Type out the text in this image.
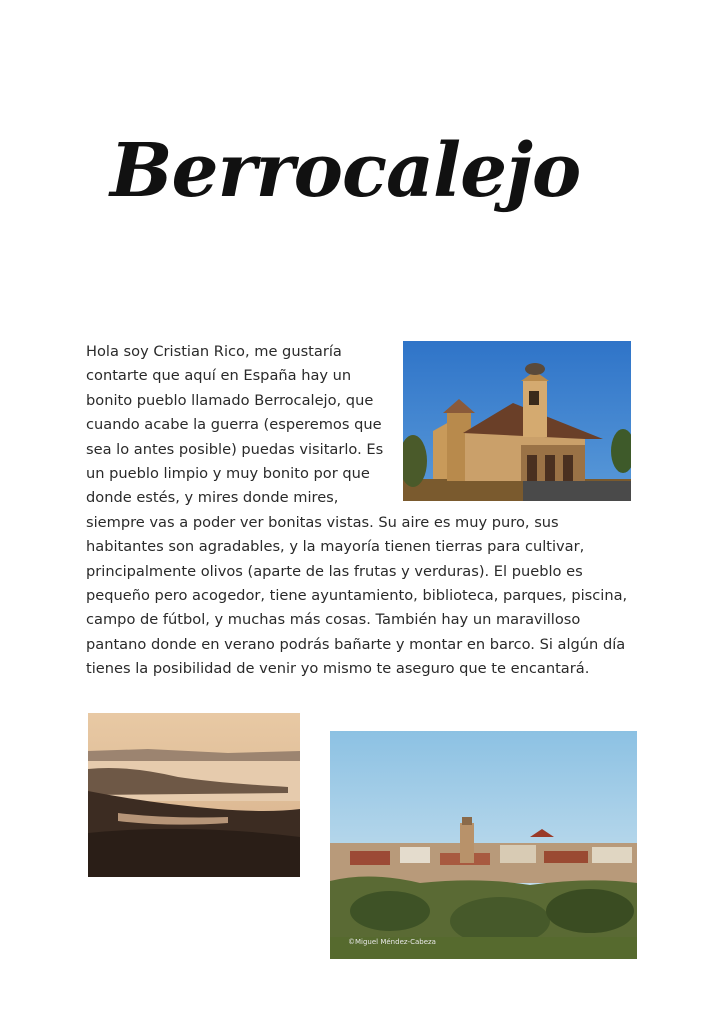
Berrocalejo
Hola soy Cristian Rico, me gustaría contarte que aquí en España hay un bonito pueblo llamado Berrocalejo, que cuando acabe la guerra (esperemos que sea lo antes posible) puedas visitarlo. Es un pueblo limpio y muy bonito por que donde estés, y mires donde mires, siempre vas a poder ver bonitas vistas. Su aire es muy puro, sus habitantes son agradables, y la mayoría tienen tierras para cultivar, principalmente olivos (aparte de las frutas y verduras). El pueblo es pequeño pero acogedor, tiene ayuntamiento, biblioteca, parques, piscina, campo de fútbol, y muchas más cosas. También hay un maravilloso pantano donde en verano podrás bañarte y montar en barco. Si algún día tienes la posibilidad de venir yo mismo te aseguro que te encantará.
©Miguel Méndez-Cabeza
